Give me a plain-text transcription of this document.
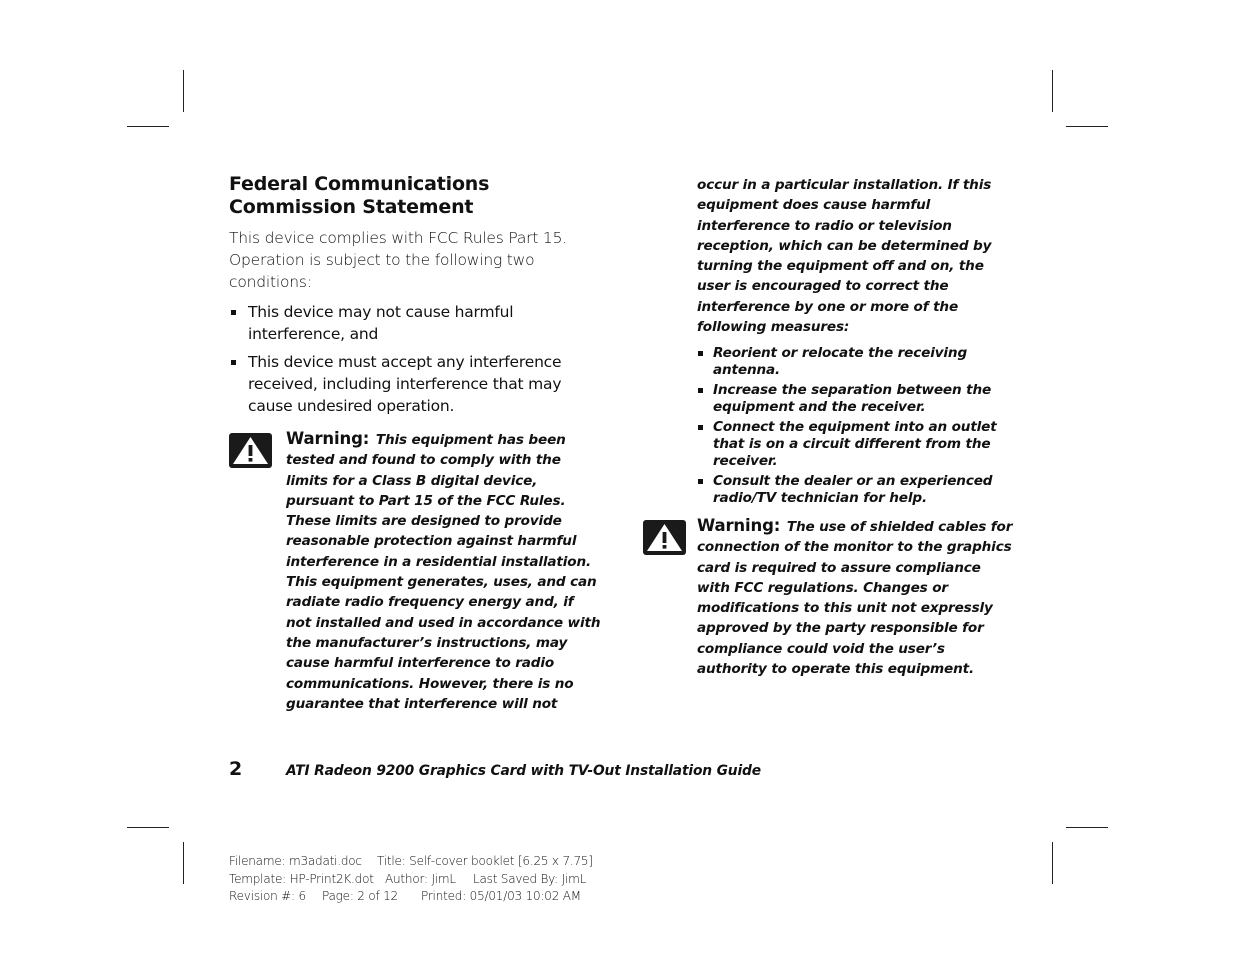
Federal Communications
Commission Statement

This device complies with FCC Rules Part 15. Operation is subject to the following two conditions:

This device may not cause harmful interference, and
This device must accept any interference received, including interference that may cause undesired operation.
Warning: This equipment has been tested and found to comply with the limits for a Class B digital device, pursuant to Part 15 of the FCC Rules. These limits are designed to provide reasonable protection against harmful interference in a residential installation. This equipment generates, uses, and can radiate radio frequency energy and, if not installed and used in accordance with the manufacturer’s instructions, may cause harmful interference to radio communications. However, there is no guarantee that interference will not

occur in a particular installation. If this equipment does cause harmful interference to radio or television reception, which can be determined by turning the equipment off and on, the user is encouraged to correct the interference by one or more of the following measures:

Reorient or relocate the receiving antenna.
Increase the separation between the equipment and the receiver.
Connect the equipment into an outlet that is on a circuit different from the receiver.
Consult the dealer or an experienced radio/TV technician for help.
Warning: The use of shielded cables for connection of the monitor to the graphics card is required to assure compliance with FCC regulations. Changes or modifications to this unit not expressly approved by the party responsible for compliance could void the user’s authority to operate this equipment.
2	ATI Radeon 9200 Graphics Card with TV-Out Installation Guide
Filename: m3adati.doc Title: Self-cover booklet [6.25 x 7.75]
Template: HP-Print2K.dot Author: JimL Last Saved By: JimL
Revision #: 6 Page: 2 of 12 Printed: 05/01/03 10:02 AM
